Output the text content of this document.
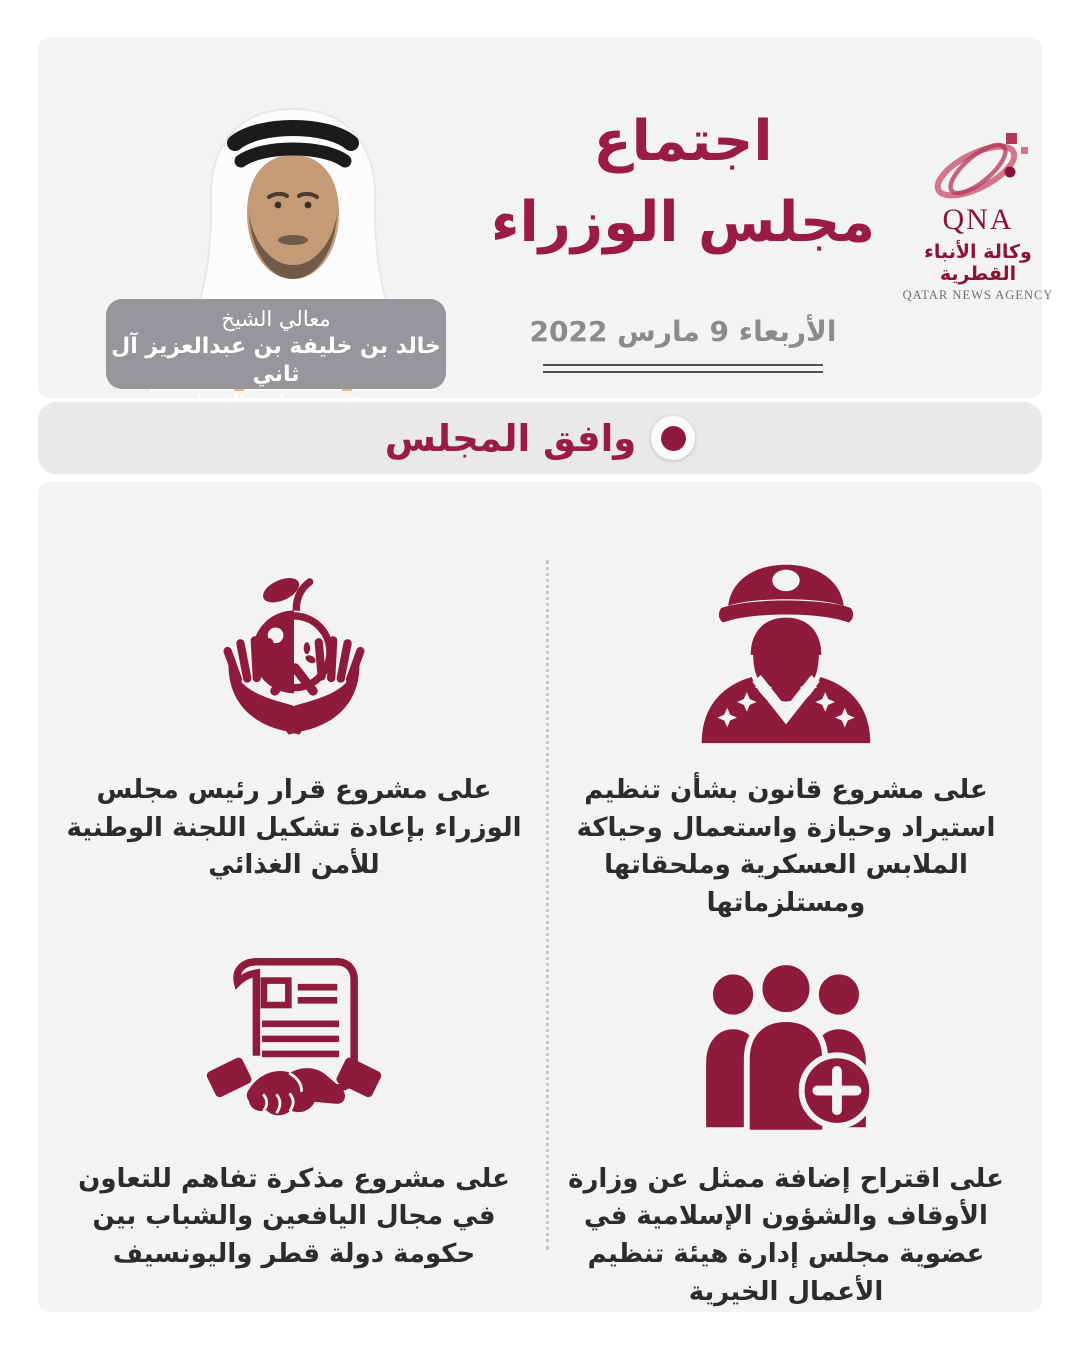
معالي الشيخ
خالد بن خليفة بن عبدالعزيز آل ثاني
اجتماع
مجلس الوزراء
الأربعاء 9 مارس 2022
QNA
وكالة الأنباء القطرية
QATAR NEWS AGENCY
وافق المجلس
على مشروع قانون بشأن تنظيم استيراد وحيازة واستعمال وحياكة الملابس العسكرية وملحقاتها ومستلزماتها
على مشروع قرار رئيس مجلس الوزراء بإعادة تشكيل اللجنة الوطنية للأمن الغذائي
على اقتراح إضافة ممثل عن وزارة الأوقاف والشؤون الإسلامية في عضوية مجلس إدارة هيئة تنظيم الأعمال الخيرية
على مشروع مذكرة تفاهم للتعاون في مجال اليافعين والشباب بين حكومة دولة قطر واليونسيف
